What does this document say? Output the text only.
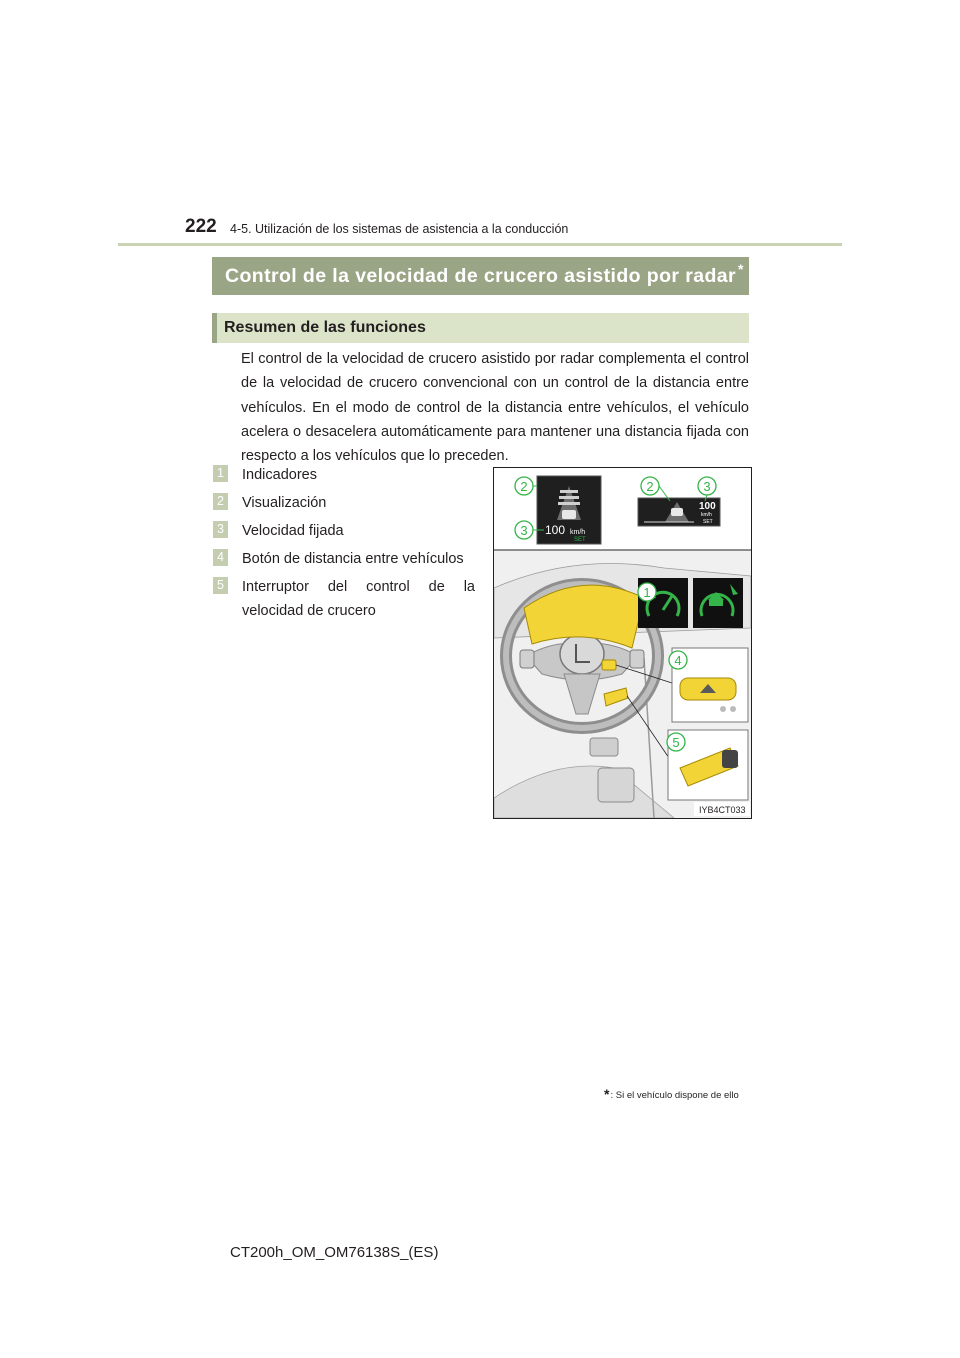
222 4-5. Utilización de los sistemas de asistencia a la conducción
Control de la velocidad de crucero asistido por radar *
Resumen de las funciones

El control de la velocidad de crucero asistido por radar complementa el control de la velocidad de crucero convencional con un control de la distancia entre vehículos. En el modo de control de la distancia entre vehículos, el vehículo acelera o desacelera automáticamente para mantener una distancia fijada con respecto a los vehículos que lo preceden.

1 Indicadores
2 Visualización
3 Velocidad fijada
4 Botón de distancia entre vehículos
5 Interruptor del control de la velocidad de crucero
100 km/h
SET
100
km/h
SET
2	2	3
3
1
4
5
IYB4CT033
*: Si el vehículo dispone de ello
CT200h_OM_OM76138S_(ES)
